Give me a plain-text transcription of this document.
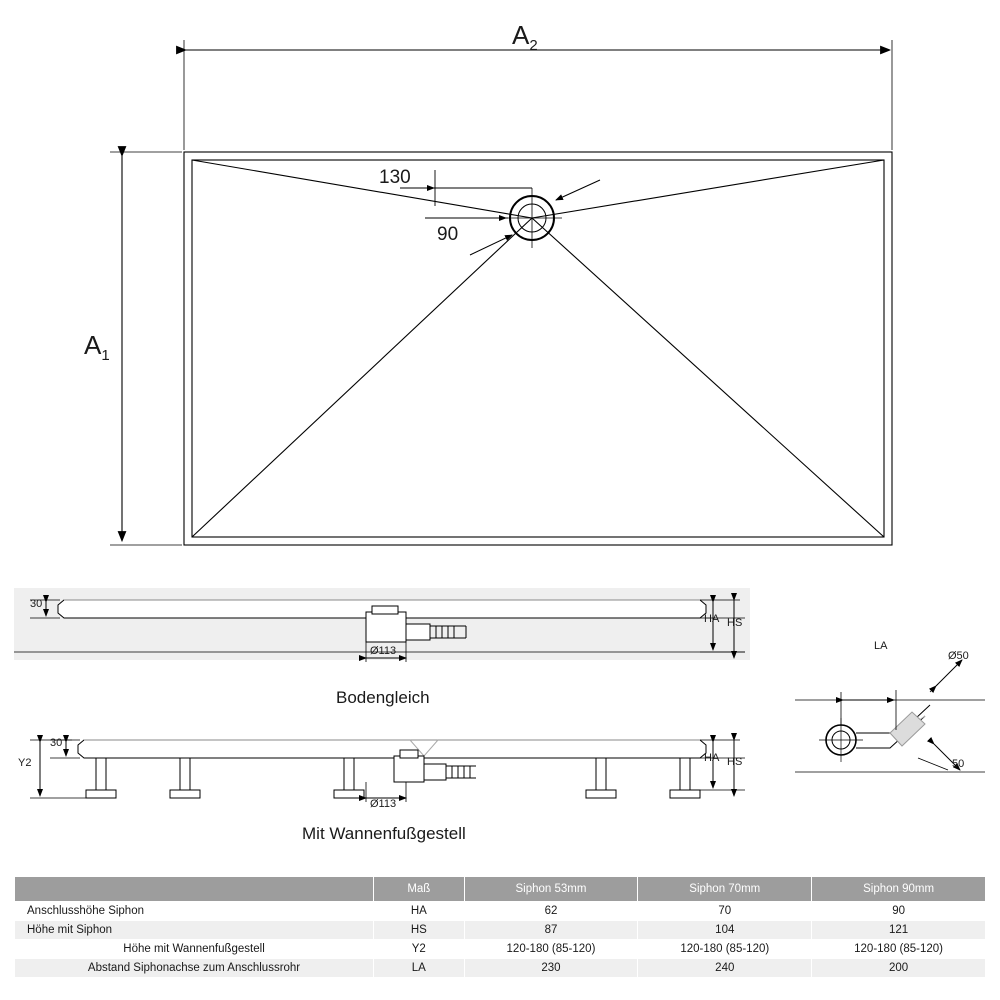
$A_2$
$A_1$
130
90
30
Ø113
HA HS
Bodengleich
30
Y2
Ø113
HA HS
Mit Wannenfußgestell
LA
Ø50
50
	Maß	Siphon 53mm	Siphon 70mm	Siphon 90mm
Anschlusshöhe Siphon	HA	62	70	90
Höhe mit Siphon	HS	87	104	121
Höhe mit Wannenfußgestell	Y2	120-180 (85-120)	120-180 (85-120)	120-180 (85-120)
Abstand Siphonachse zum Anschlussrohr	LA	230	240	200
